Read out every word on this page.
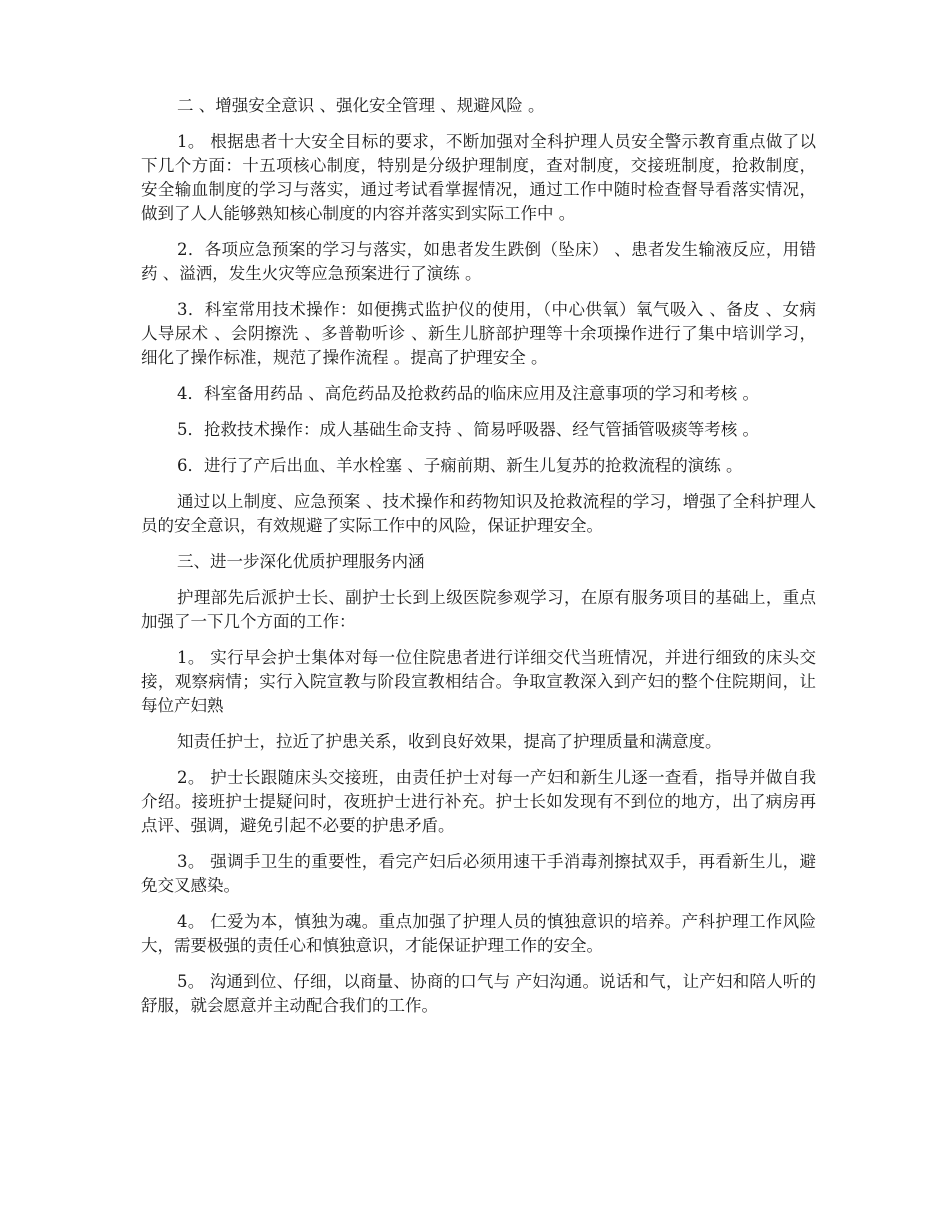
二 、增强安全意识 、强化安全管理 、规避风险 。

1。 根据患者十大安全目标的要求，不断加强对全科护理人员安全警示教育重点做了以下几个方面：十五项核心制度，特别是分级护理制度，查对制度，交接班制度，抢救制度，安全输血制度的学习与落实，通过考试看掌握情况，通过工作中随时检查督导看落实情况，做到了人人能够熟知核心制度的内容并落实到实际工作中 。

2．各项应急预案的学习与落实，如患者发生跌倒（坠床） 、患者发生输液反应，用错药 、溢洒，发生火灾等应急预案进行了演练 。

3．科室常用技术操作：如便携式监护仪的使用，（中心供氧）氧气吸入 、备皮 、女病人导尿术 、会阴擦洗 、多普勒听诊 、新生儿脐部护理等十余项操作进行了集中培训学习，细化了操作标准，规范了操作流程 。提高了护理安全 。

4．科室备用药品 、高危药品及抢救药品的临床应用及注意事项的学习和考核 。

5．抢救技术操作：成人基础生命支持 、简易呼吸器、经气管插管吸痰等考核 。

6．进行了产后出血、羊水栓塞 、子痫前期、新生儿复苏的抢救流程的演练 。

通过以上制度、应急预案 、技术操作和药物知识及抢救流程的学习，增强了全科护理人员的安全意识，有效规避了实际工作中的风险，保证护理安全。

三、进一步深化优质护理服务内涵

护理部先后派护士长、副护士长到上级医院参观学习，在原有服务项目的基础上，重点加强了一下几个方面的工作：

1。 实行早会护士集体对每一位住院患者进行详细交代当班情况，并进行细致的床头交接，观察病情；实行入院宣教与阶段宣教相结合。争取宣教深入到产妇的整个住院期间，让每位产妇熟

知责任护士，拉近了护患关系，收到良好效果，提高了护理质量和满意度。

2。 护士长跟随床头交接班，由责任护士对每一产妇和新生儿逐一查看，指导并做自我介绍。接班护士提疑问时，夜班护士进行补充。护士长如发现有不到位的地方，出了病房再点评、强调，避免引起不必要的护患矛盾。

3。 强调手卫生的重要性，看完产妇后必须用速干手消毒剂擦拭双手，再看新生儿，避免交叉感染。

4。 仁爱为本，慎独为魂。重点加强了护理人员的慎独意识的培养。产科护理工作风险大，需要极强的责任心和慎独意识，才能保证护理工作的安全。

5。 沟通到位、仔细，以商量、协商的口气与 产妇沟通。说话和气，让产妇和陪人听的舒服，就会愿意并主动配合我们的工作。
